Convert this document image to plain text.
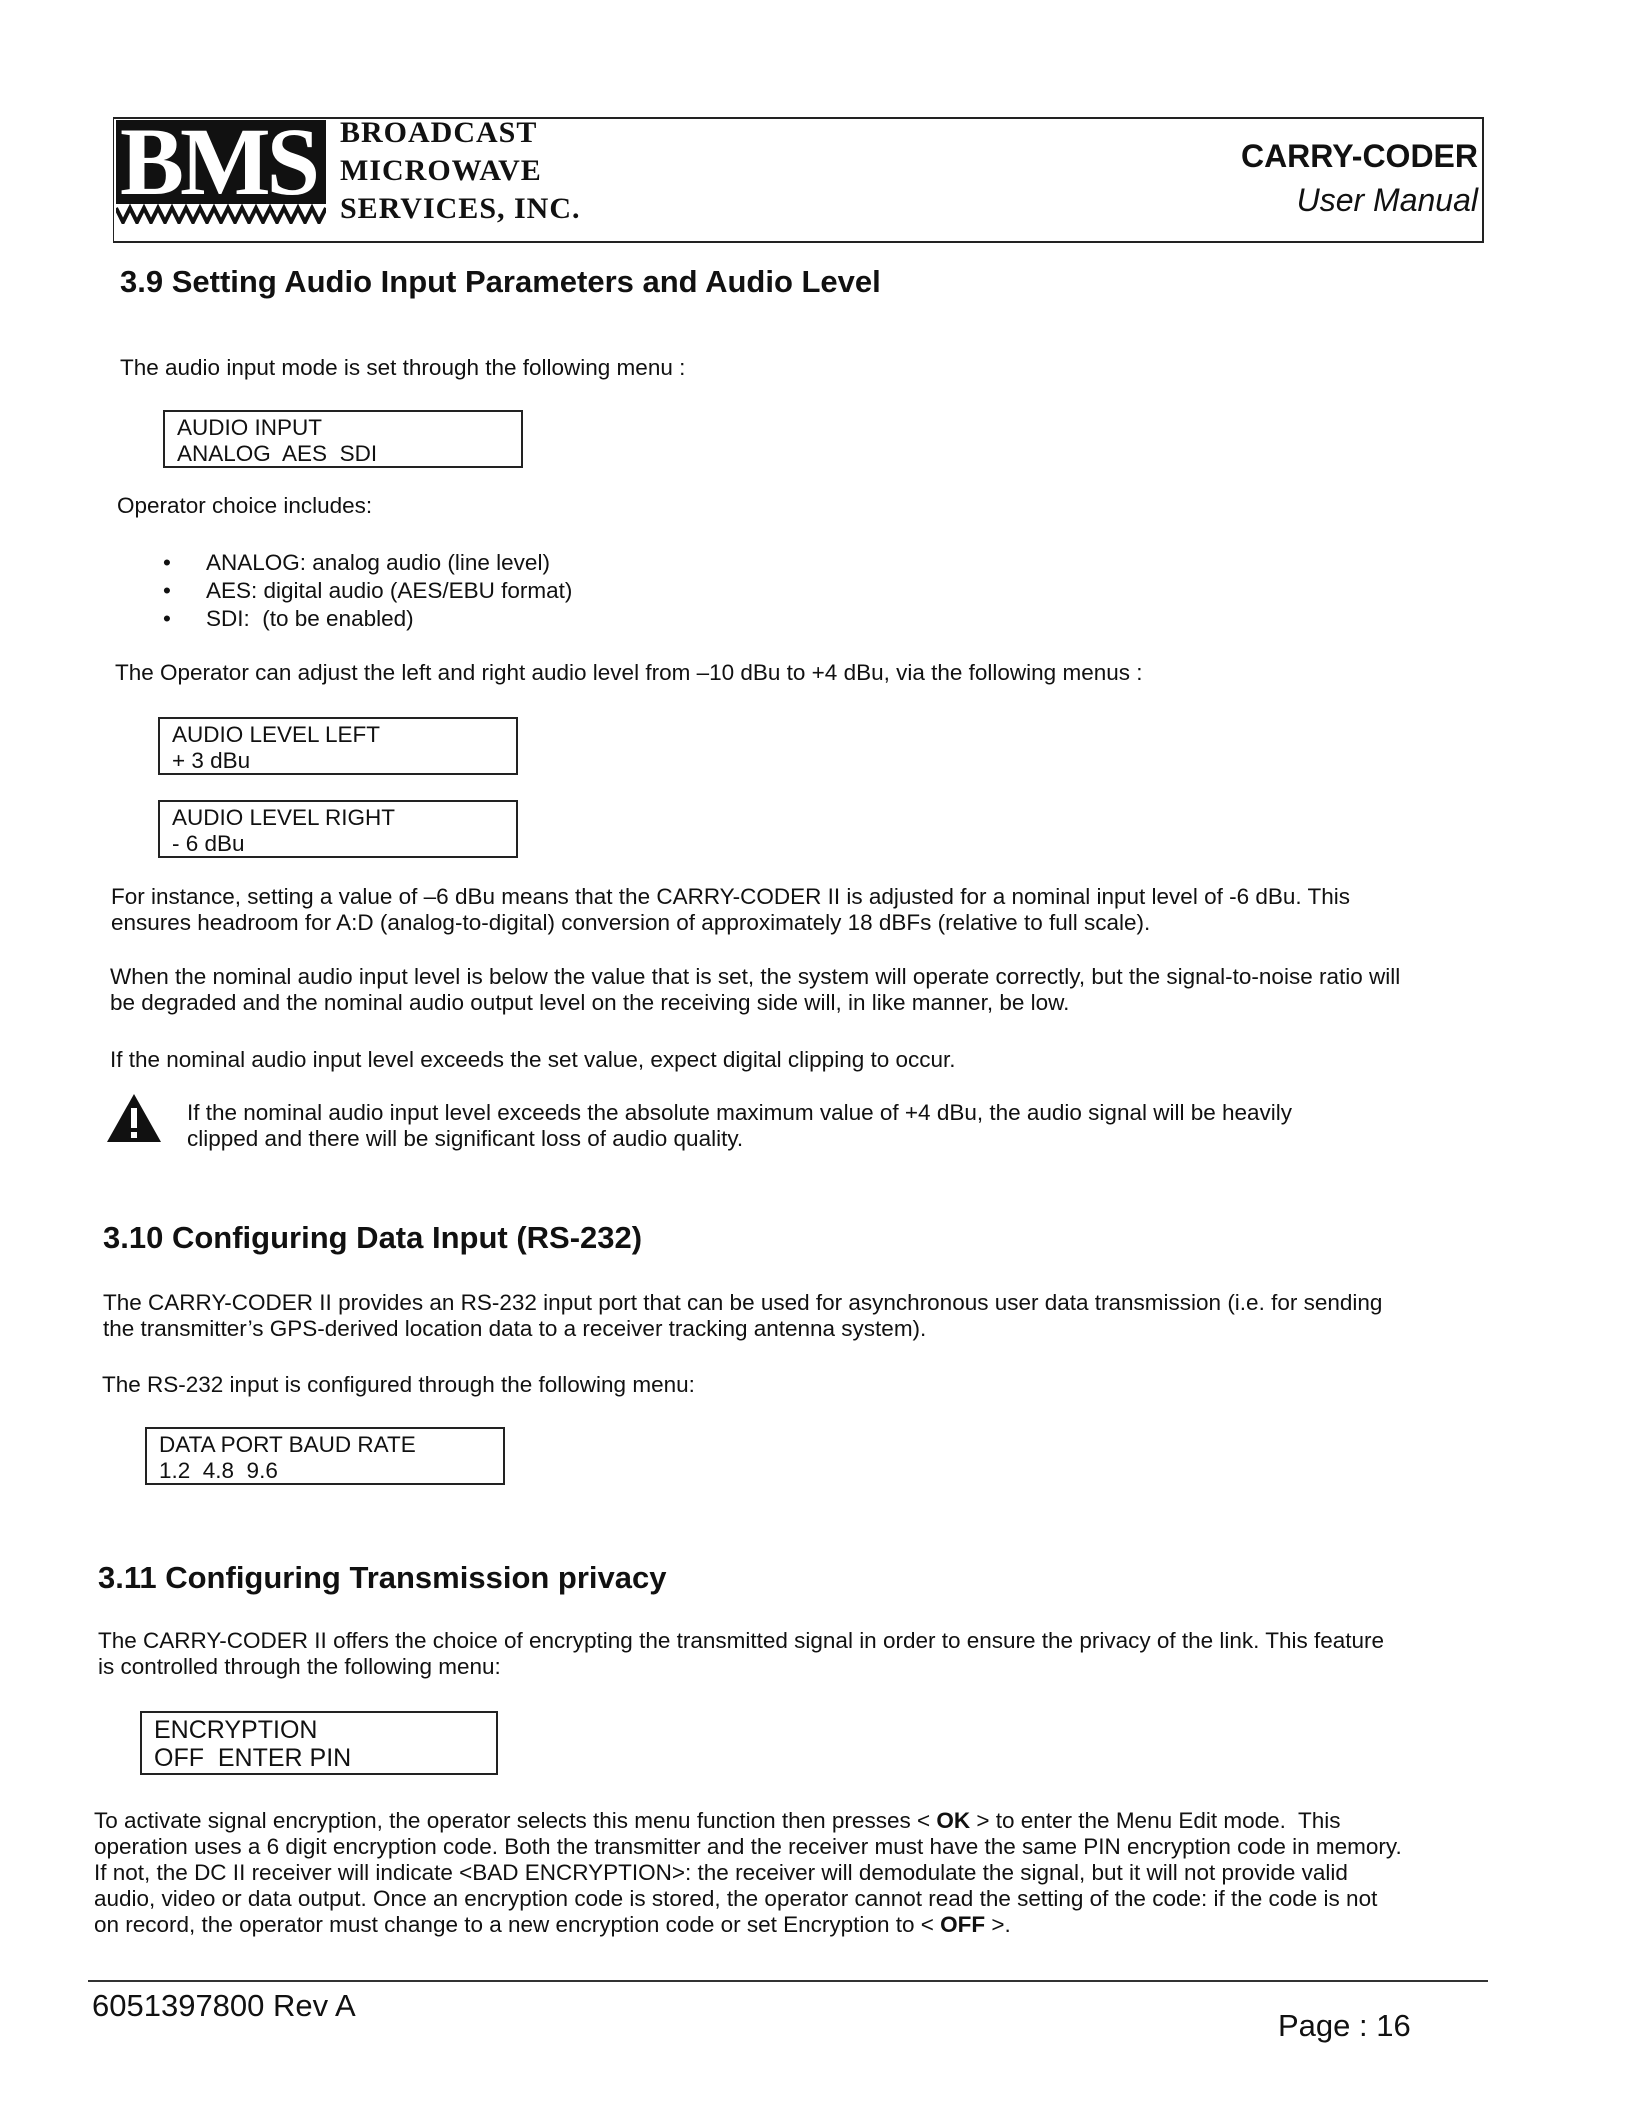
BMS BROADCAST
MICROWAVE
SERVICES, INC.
CARRY-CODER
User Manual
3.9 Setting Audio Input Parameters and Audio Level

The audio input mode is set through the following menu :

AUDIO INPUT
ANALOG  AES  SDI

Operator choice includes:

• ANALOG: analog audio (line level)
• AES: digital audio (AES/EBU format)
• SDI:  (to be enabled)

The Operator can adjust the left and right audio level from –10 dBu to +4 dBu, via the following menus :

AUDIO LEVEL LEFT
+ 3 dBu
AUDIO LEVEL RIGHT
- 6 dBu

For instance, setting a value of –6 dBu means that the CARRY-CODER II is adjusted for a nominal input level of -6 dBu. This

ensures headroom for A:D (analog-to-digital) conversion of approximately 18 dBFs (relative to full scale).

When the nominal audio input level is below the value that is set, the system will operate correctly, but the signal-to-noise ratio will

be degraded and the nominal audio output level on the receiving side will, in like manner, be low.

If the nominal audio input level exceeds the set value, expect digital clipping to occur.

If the nominal audio input level exceeds the absolute maximum value of +4 dBu, the audio signal will be heavily

clipped and there will be significant loss of audio quality.

3.10 Configuring Data Input (RS-232)

The CARRY-CODER II provides an RS-232 input port that can be used for asynchronous user data transmission (i.e. for sending

the transmitter’s GPS-derived location data to a receiver tracking antenna system).

The RS-232 input is configured through the following menu:

DATA PORT BAUD RATE
1.2  4.8  9.6
3.11 Configuring Transmission privacy

The CARRY-CODER II offers the choice of encrypting the transmitted signal in order to ensure the privacy of the link. This feature

is controlled through the following menu:

ENCRYPTION
OFF  ENTER PIN

To activate signal encryption, the operator selects this menu function then presses < OK > to enter the Menu Edit mode.  This

operation uses a 6 digit encryption code. Both the transmitter and the receiver must have the same PIN encryption code in memory.

If not, the DC II receiver will indicate <BAD ENCRYPTION>: the receiver will demodulate the signal, but it will not provide valid

audio, video or data output. Once an encryption code is stored, the operator cannot read the setting of the code: if the code is not

on record, the operator must change to a new encryption code or set Encryption to < OFF >.

6051397800 Rev A
Page : 16
